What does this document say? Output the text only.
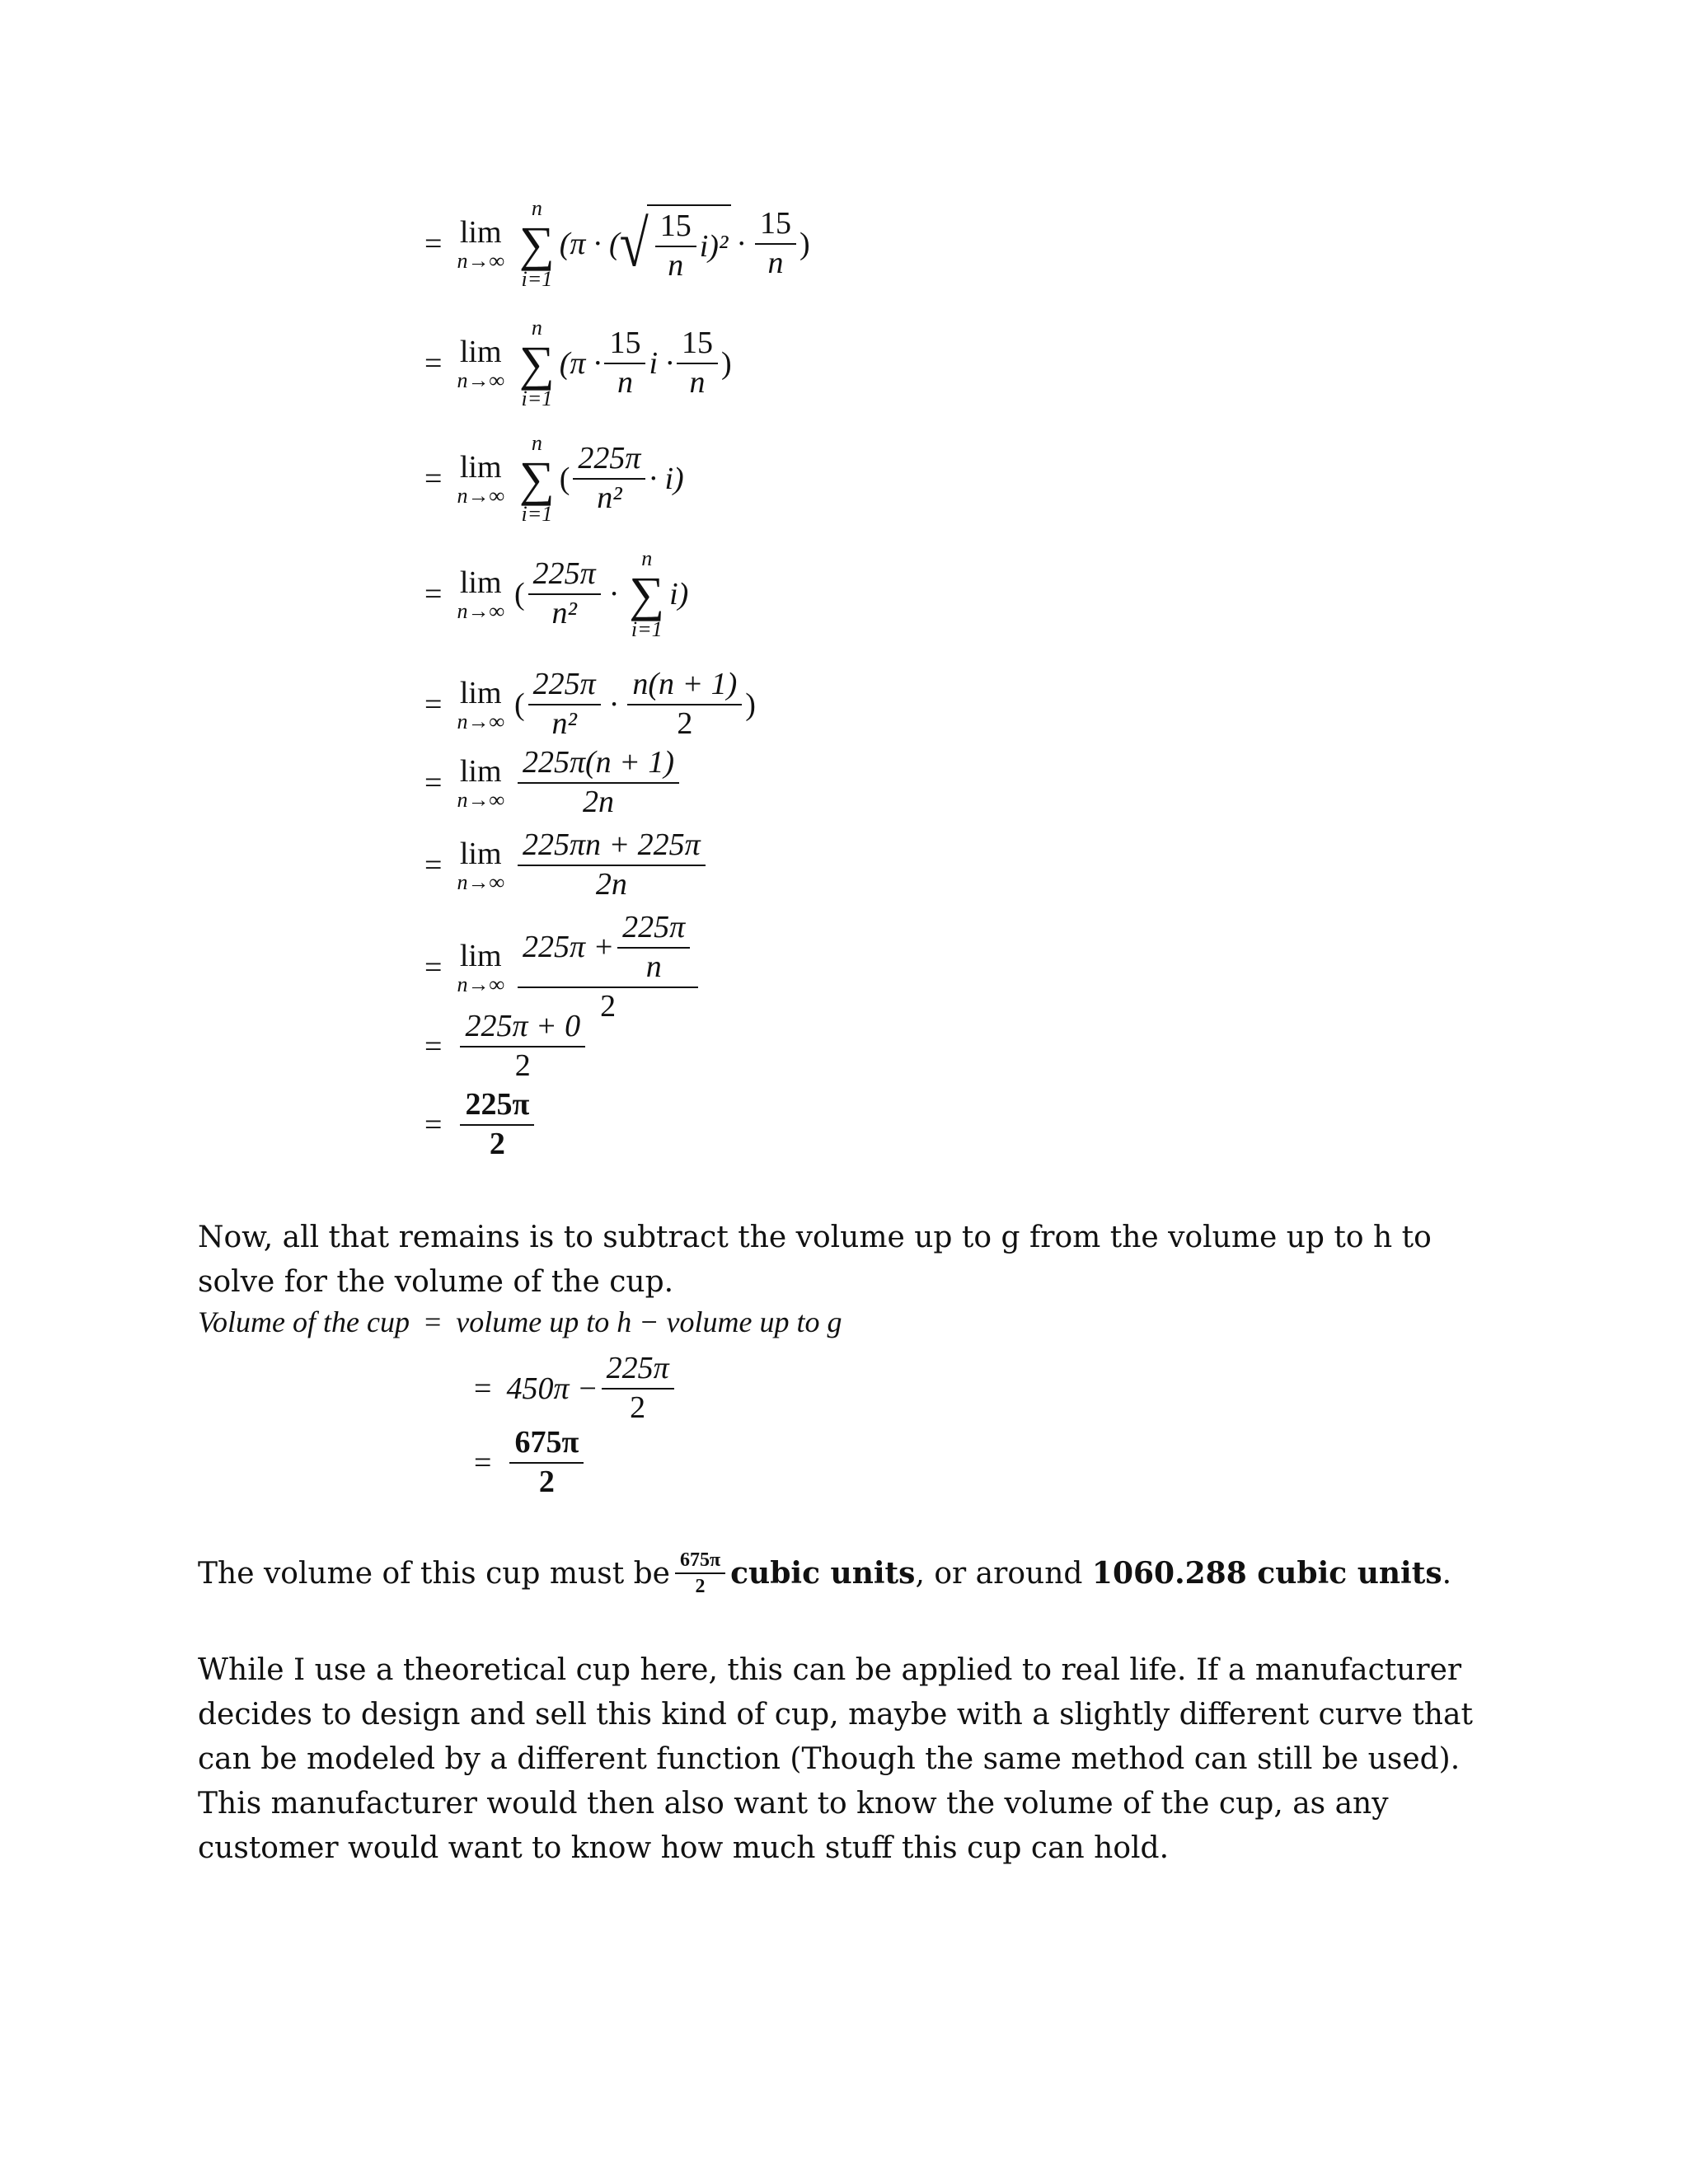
= lim
n→∞
n
∑
i=1
(π · ( √ $\frac{15}{n} i)^2 \cdot \frac{15}{n}$ )
= lim
n→∞
n
∑
i=1
($\pi \cdot \frac{15}{n}$ $i \cdot \frac{15}{n}$ )
= lim
n→∞
n
∑
i=1
( $\frac{225\pi}{\text{n²}} \cdot i$)
= lim
n→∞ ( $\frac{225\pi}{\text{n²}}$ ·
n
∑
i=1
i)
= lim
n→∞ ( $\frac{225\pi}{\text{n²}} \cdot \frac{n(n + 1)}{2}$ )
= lim
$n\to\infty \frac{225\pi(n + 1)}{2n}$
= lim
$n\to\infty \frac{225\pi n + 225\pi}{2n}$
= lim
$n\to\infty \frac{225\pi + \frac{225\pi}{n}}{2}$
= $\frac{225\pi + 0}{2}$
= $\frac{225\pi}{2}$

Now, all that remains is to subtract the volume up to g from the volume up to h to solve for the volume of the cup.

Volume of the cup = volume up to h − volume up to g
= $450\pi - \frac{225\pi}{2}$
= $\frac{675\pi}{2}$
The volume of this cup must be $\frac{675\pi}{2}$ cubic units , or around
1060.288 cubic units .

While I use a theoretical cup here, this can be applied to real life. If a manufacturer decides to design and sell this kind of cup, maybe with a slightly different curve that can be modeled by a different function (Though the same method can still be used). This manufacturer would then also want to know the volume of the cup, as any customer would want to know how much stuff this cup can hold.
